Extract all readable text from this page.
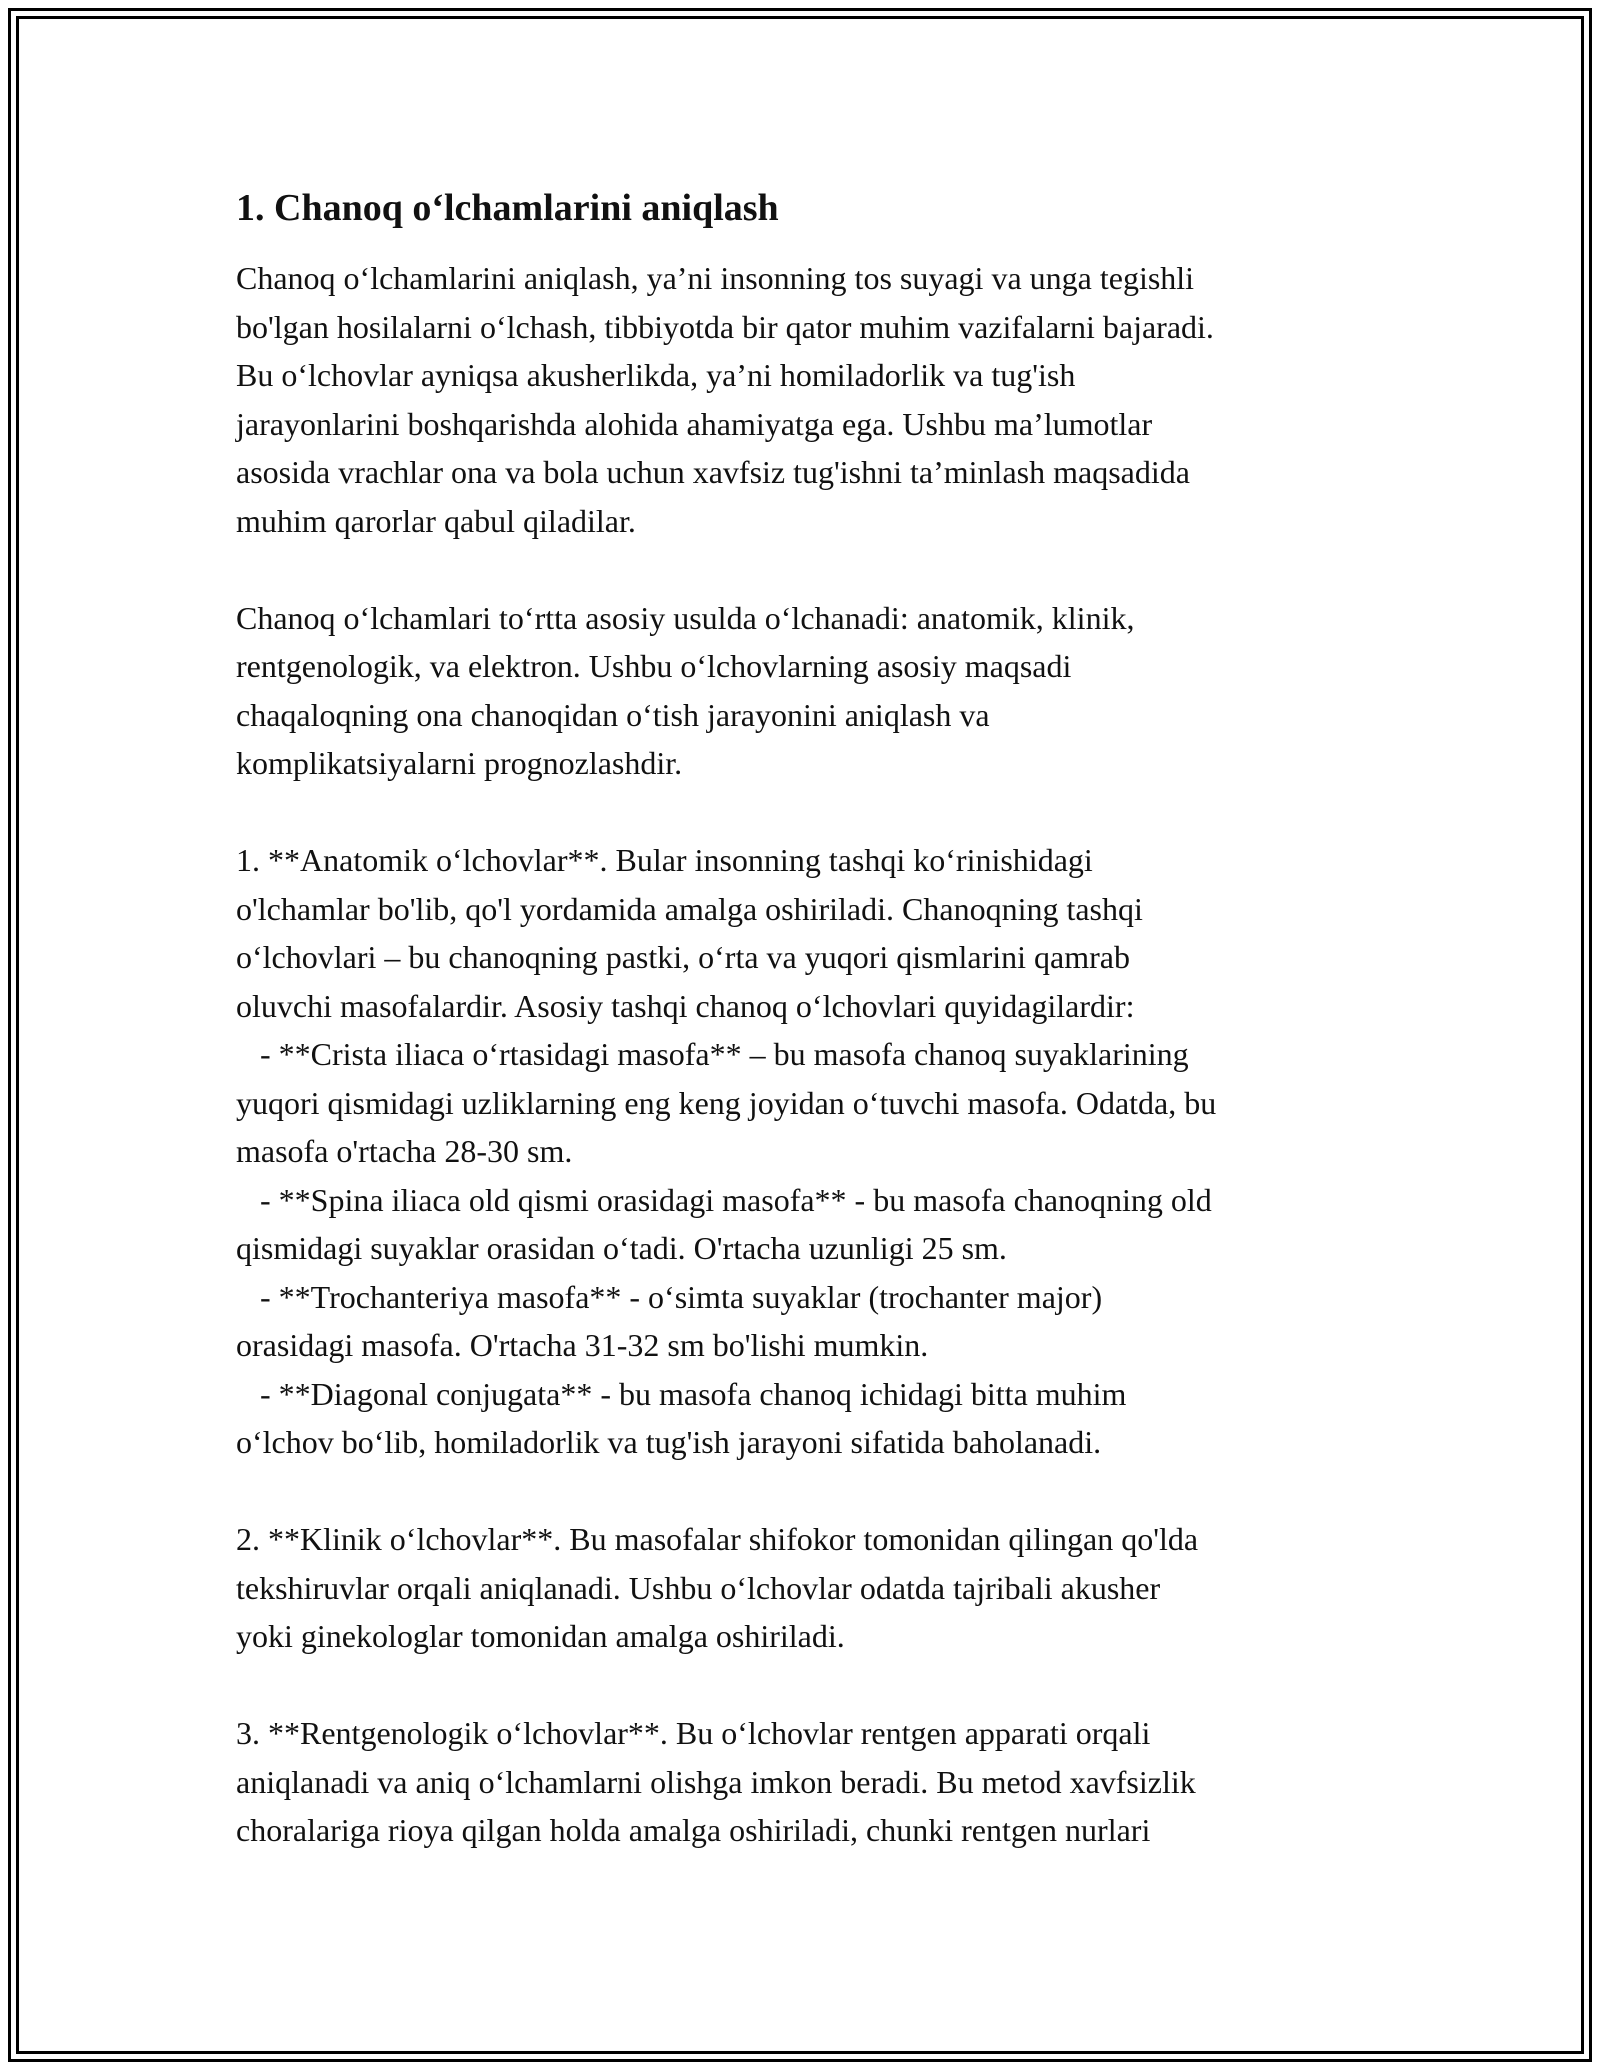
1. Chanoq o‘lchamlarini aniqlash
Chanoq o‘lchamlarini aniqlash, ya’ni insonning tos suyagi va unga tegishli
bo'lgan hosilalarni o‘lchash, tibbiyotda bir qator muhim vazifalarni bajaradi.
Bu o‘lchovlar ayniqsa akusherlikda, ya’ni homiladorlik va tug'ish
jarayonlarini boshqarishda alohida ahamiyatga ega. Ushbu ma’lumotlar
asosida vrachlar ona va bola uchun xavfsiz tug'ishni ta’minlash maqsadida
muhim qarorlar qabul qiladilar.
Chanoq o‘lchamlari to‘rtta asosiy usulda o‘lchanadi: anatomik, klinik,
rentgenologik, va elektron. Ushbu o‘lchovlarning asosiy maqsadi
chaqaloqning ona chanoqidan o‘tish jarayonini aniqlash va
komplikatsiyalarni prognozlashdir.
1. **Anatomik o‘lchovlar**. Bular insonning tashqi ko‘rinishidagi
o'lchamlar bo'lib, qo'l yordamida amalga oshiriladi. Chanoqning tashqi
o‘lchovlari – bu chanoqning pastki, o‘rta va yuqori qismlarini qamrab
oluvchi masofalardir. Asosiy tashqi chanoq o‘lchovlari quyidagilardir:
- **Crista iliaca o‘rtasidagi masofa** – bu masofa chanoq suyaklarining
yuqori qismidagi uzliklarning eng keng joyidan o‘tuvchi masofa. Odatda, bu
masofa o'rtacha 28-30 sm.
- **Spina iliaca old qismi orasidagi masofa** - bu masofa chanoqning old
qismidagi suyaklar orasidan o‘tadi. O'rtacha uzunligi 25 sm.
- **Trochanteriya masofa** - o‘simta suyaklar (trochanter major)
orasidagi masofa. O'rtacha 31-32 sm bo'lishi mumkin.
- **Diagonal conjugata** - bu masofa chanoq ichidagi bitta muhim
o‘lchov bo‘lib, homiladorlik va tug'ish jarayoni sifatida baholanadi.
2. **Klinik o‘lchovlar**. Bu masofalar shifokor tomonidan qilingan qo'lda
tekshiruvlar orqali aniqlanadi. Ushbu o‘lchovlar odatda tajribali akusher
yoki ginekologlar tomonidan amalga oshiriladi.
3. **Rentgenologik o‘lchovlar**. Bu o‘lchovlar rentgen apparati orqali
aniqlanadi va aniq o‘lchamlarni olishga imkon beradi. Bu metod xavfsizlik
choralariga rioya qilgan holda amalga oshiriladi, chunki rentgen nurlari
